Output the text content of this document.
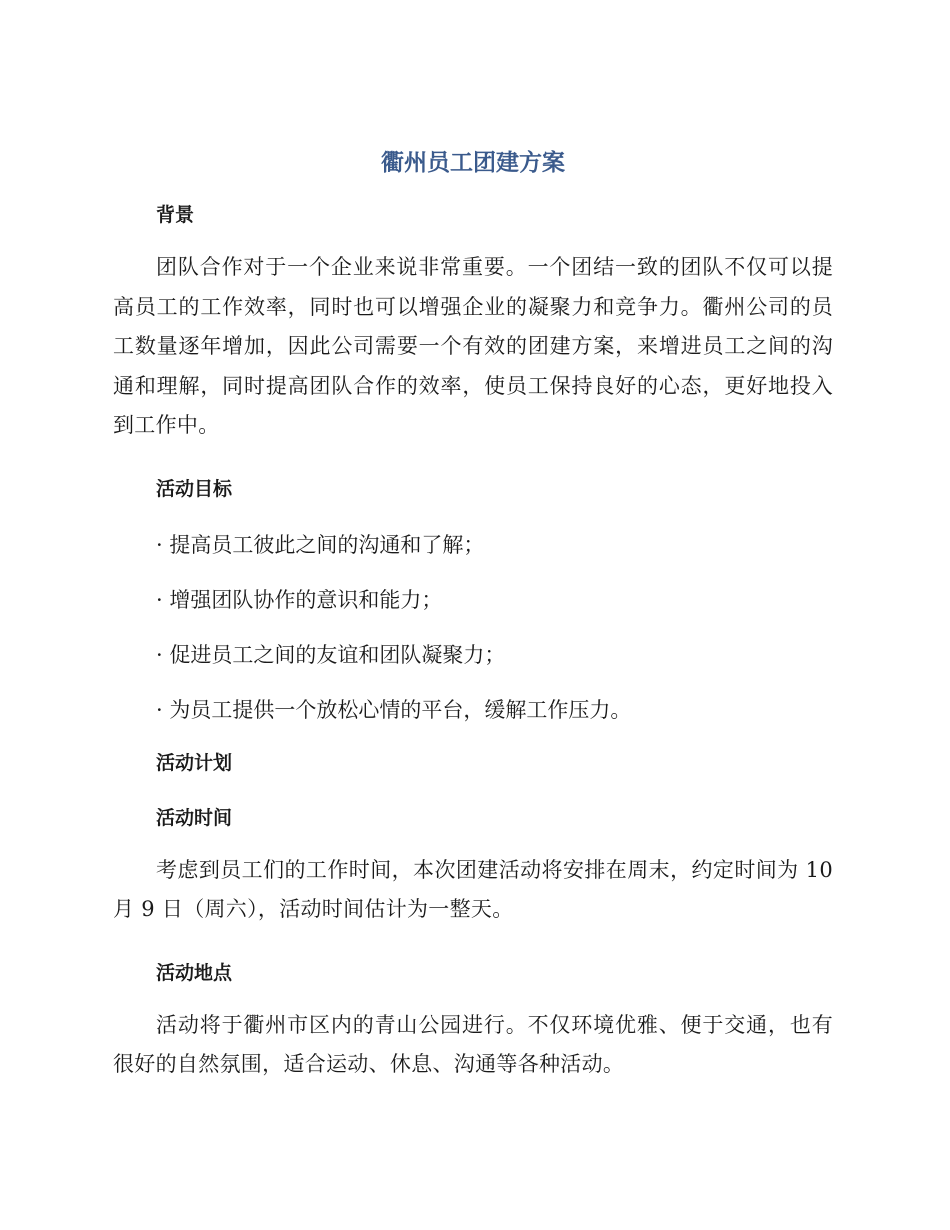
衢州员工团建方案
背景

团队合作对于一个企业来说非常重要。一个团结一致的团队不仅可以提高员工的工作效率，同时也可以增强企业的凝聚力和竞争力。衢州公司的员工数量逐年增加，因此公司需要一个有效的团建方案，来增进员工之间的沟通和理解，同时提高团队合作的效率，使员工保持良好的心态，更好地投入到工作中。

活动目标

· 提高员工彼此之间的沟通和了解；

· 增强团队协作的意识和能力；

· 促进员工之间的友谊和团队凝聚力；

· 为员工提供一个放松心情的平台，缓解工作压力。

活动计划
活动时间

考虑到员工们的工作时间，本次团建活动将安排在周末，约定时间为 10 月 9 日（周六），活动时间估计为一整天。

活动地点

活动将于衢州市区内的青山公园进行。不仅环境优雅、便于交通，也有很好的自然氛围，适合运动、休息、沟通等各种活动。
